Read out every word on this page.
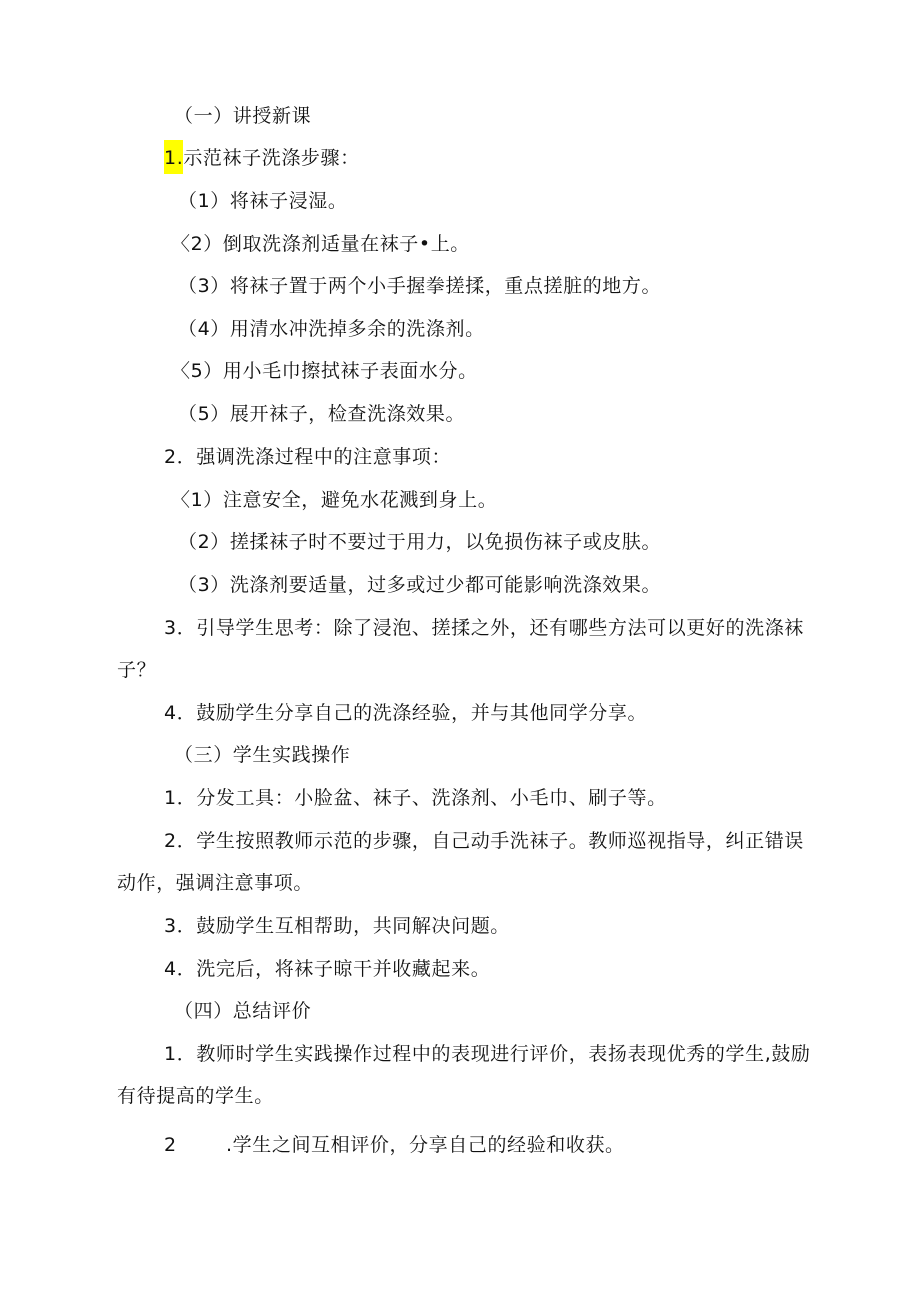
（一）讲授新课
1.示范袜子洗涤步骤：
（1）将袜子浸湿。
〈2）倒取洗涤剂适量在袜子•上。
（3）将袜子置于两个小手握拳搓揉，重点搓脏的地方。
（4）用清水冲洗掉多余的洗涤剂。
〈5）用小毛巾擦拭袜子表面水分。
（5）展开袜子，检查洗涤效果。
2．强调洗涤过程中的注意事项：
〈1）注意安全，避免水花溅到身上。
（2）搓揉袜子时不要过于用力，以免损伤袜子或皮肤。
（3）洗涤剂要适量，过多或过少都可能影响洗涤效果。
3．引导学生思考：除了浸泡、搓揉之外，还有哪些方法可以更好的洗涤袜
子？
4．鼓励学生分享自己的洗涤经验，并与其他同学分享。
（三）学生实践操作
1．分发工具：小脸盆、袜子、洗涤剂、小毛巾、刷子等。
2．学生按照教师示范的步骤，自己动手洗袜子。教师巡视指导，纠正错误
动作，强调注意事项。
3．鼓励学生互相帮助，共同解决问题。
4．洗完后，将袜子晾干并收藏起来。
（四）总结评价
1．教师时学生实践操作过程中的表现进行评价，表扬表现优秀的学生,鼓励
有待提高的学生。
2	.学生之间互相评价，分享自己的经验和收获。
